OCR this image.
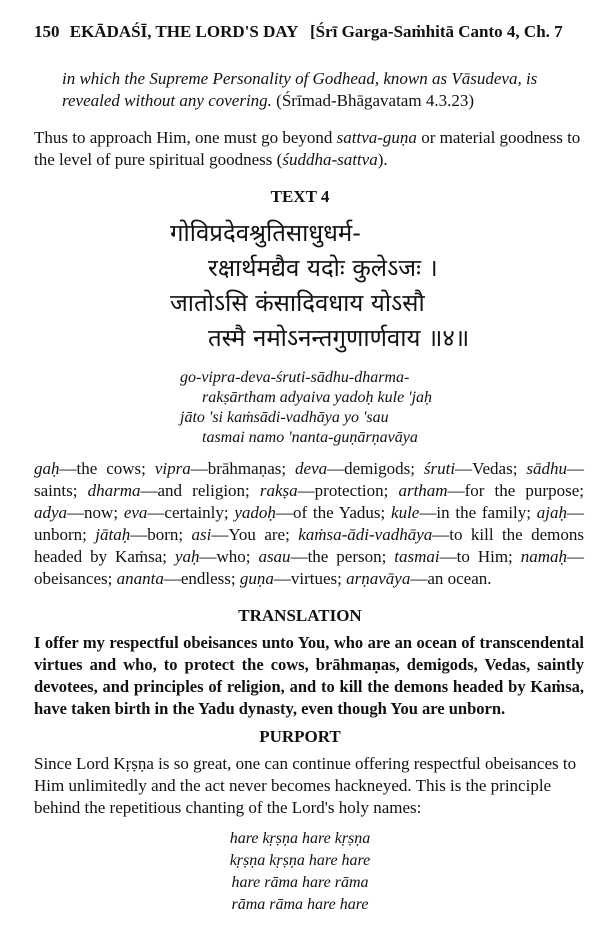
150 EKĀDAŚĪ, THE LORD'S DAY [Śrī Garga-Saṁhitā Canto 4, Ch. 7
in which the Supreme Personality of Godhead, known as Vāsudeva, is revealed without any covering. (Śrīmad-Bhāgavatam 4.3.23)
Thus to approach Him, one must go beyond sattva-guṇa or material goodness to the level of pure spiritual goodness (śuddha-sattva).
TEXT 4
गोविप्रदेवश्रुतिसाधुधर्म-
रक्षार्थमद्यैव यदोः कुलेऽजः ।
जातोऽसि कंसादिवधाय योऽसौ
तस्मै नमोऽनन्तगुणार्णवाय ॥४॥
go-vipra-deva-śruti-sādhu-dharma-
rakṣārtham adyaiva yadoḥ kule 'jaḥ
jāto 'si kaṁsādi-vadhāya yo 'sau
tasmai namo 'nanta-guṇārṇavāya
gaḥ—the cows; vipra—brāhmaṇas; deva—demigods; śruti—Vedas; sādhu—saints; dharma—and religion; rakṣa—protection; artham—for the purpose; adya—now; eva—certainly; yadoḥ—of the Yadus; kule—in the family; ajaḥ—unborn; jātaḥ—born; asi—You are; kaṁsa-ādi-vadhāya—to kill the demons headed by Kaṁsa; yaḥ—who; asau—the person; tasmai—to Him; namaḥ—obeisances; ananta—endless; guṇa—virtues; arṇavāya—an ocean.
TRANSLATION
I offer my respectful obeisances unto You, who are an ocean of transcendental virtues and who, to protect the cows, brāhmaṇas, demigods, Vedas, saintly devotees, and principles of religion, and to kill the demons headed by Kaṁsa, have taken birth in the Yadu dynasty, even though You are unborn.
PURPORT
Since Lord Kṛṣṇa is so great, one can continue offering respectful obeisances to Him unlimitedly and the act never becomes hackneyed. This is the principle behind the repetitious chanting of the Lord's holy names:
hare kṛṣṇa hare kṛṣṇa
kṛṣṇa kṛṣṇa hare hare
hare rāma hare rāma
rāma rāma hare hare
